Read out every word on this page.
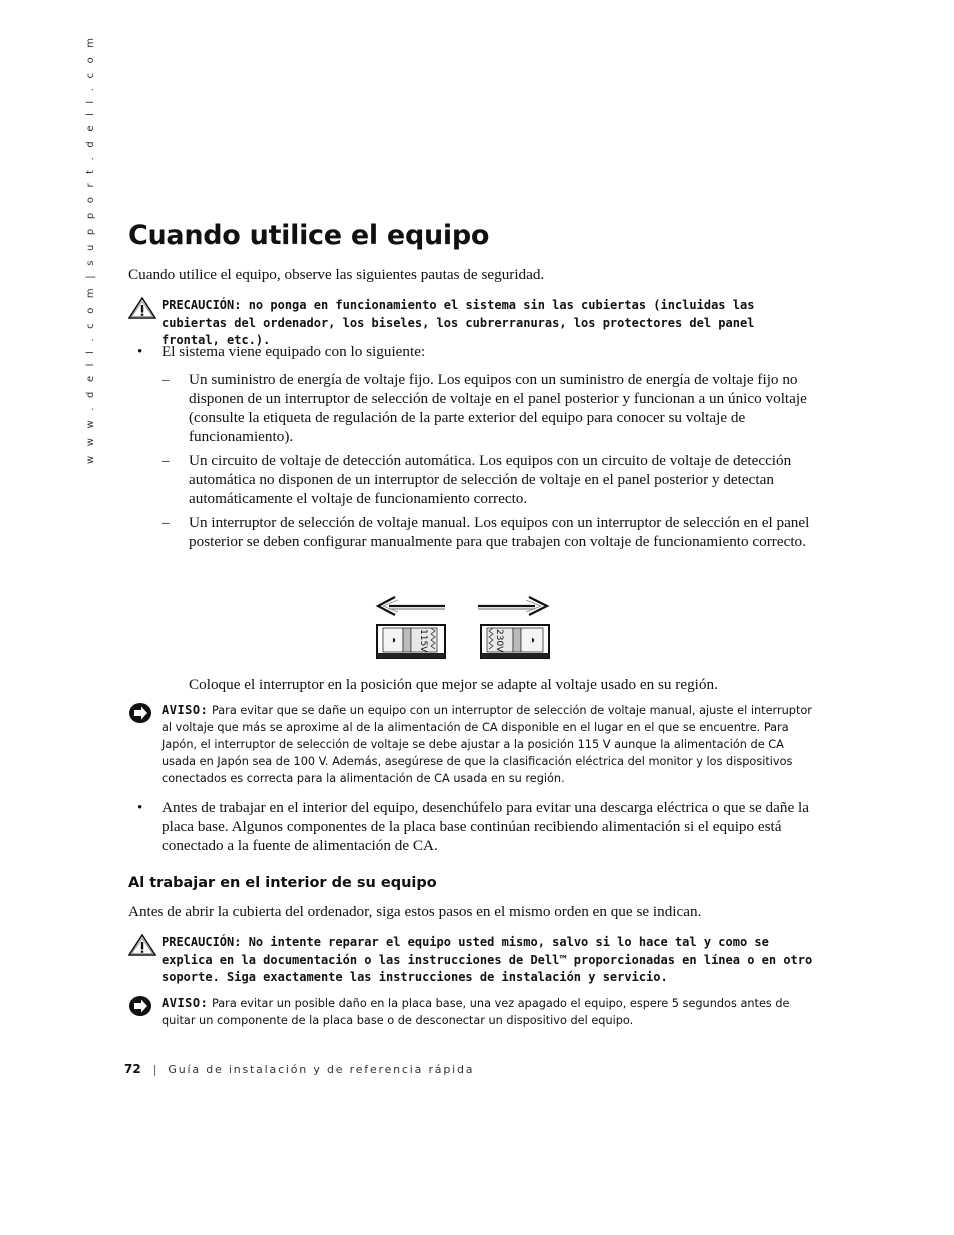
w w w . d e l l . c o m | s u p p o r t . d e l l . c o m Cuando utilice el equipo
Cuando utilice el equipo, observe las siguientes pautas de seguridad.
PRECAUCIÓN: no ponga en funcionamiento el sistema sin las cubiertas (incluidas las cubiertas del ordenador, los biseles, los cubrerranuras, los protectores del panel frontal, etc.).
• El sistema viene equipado con lo siguiente:
– Un suministro de energía de voltaje fijo. Los equipos con un suministro de energía de voltaje fijo no disponen de un interruptor de selección de voltaje en el panel posterior y funcionan a un único voltaje (consulte la etiqueta de regulación de la parte exterior del equipo para conocer su voltaje de funcionamiento).
– Un circuito de voltaje de detección automática. Los equipos con un circuito de voltaje de detección automática no disponen de un interruptor de selección de voltaje en el panel posterior y detectan automáticamente el voltaje de funcionamiento correcto.
– Un interruptor de selección de voltaje manual. Los equipos con un interruptor de selección en el panel posterior se deben configurar manualmente para que trabajen con voltaje de funcionamiento correcto.
◑ 115V	230V ◑
Coloque el interruptor en la posición que mejor se adapte al voltaje usado en su región.
AVISO: Para evitar que se dañe un equipo con un interruptor de selección de voltaje manual, ajuste el interruptor al voltaje que más se aproxime al de la alimentación de CA disponible en el lugar en el que se encuentre. Para Japón, el interruptor de selección de voltaje se debe ajustar a la posición 115 V aunque la alimentación de CA usada en Japón sea de 100 V. Además, asegúrese de que la clasificación eléctrica del monitor y los dispositivos conectados es correcta para la alimentación de CA usada en su región.
• Antes de trabajar en el interior del equipo, desenchúfelo para evitar una descarga eléctrica o que se dañe la placa base. Algunos componentes de la placa base continúan recibiendo alimentación si el equipo está conectado a la fuente de alimentación de CA.
Al trabajar en el interior de su equipo
Antes de abrir la cubierta del ordenador, siga estos pasos en el mismo orden en que se indican.
PRECAUCIÓN: No intente reparar el equipo usted mismo, salvo si lo hace tal y como se explica en la documentación o las instrucciones de Dell™ proporcionadas en línea o en otro soporte. Siga exactamente las instrucciones de instalación y servicio.
AVISO: Para evitar un posible daño en la placa base, una vez apagado el equipo, espere 5 segundos antes de quitar un componente de la placa base o de desconectar un dispositivo del equipo.
72 | Guía de instalación y de referencia rápida
